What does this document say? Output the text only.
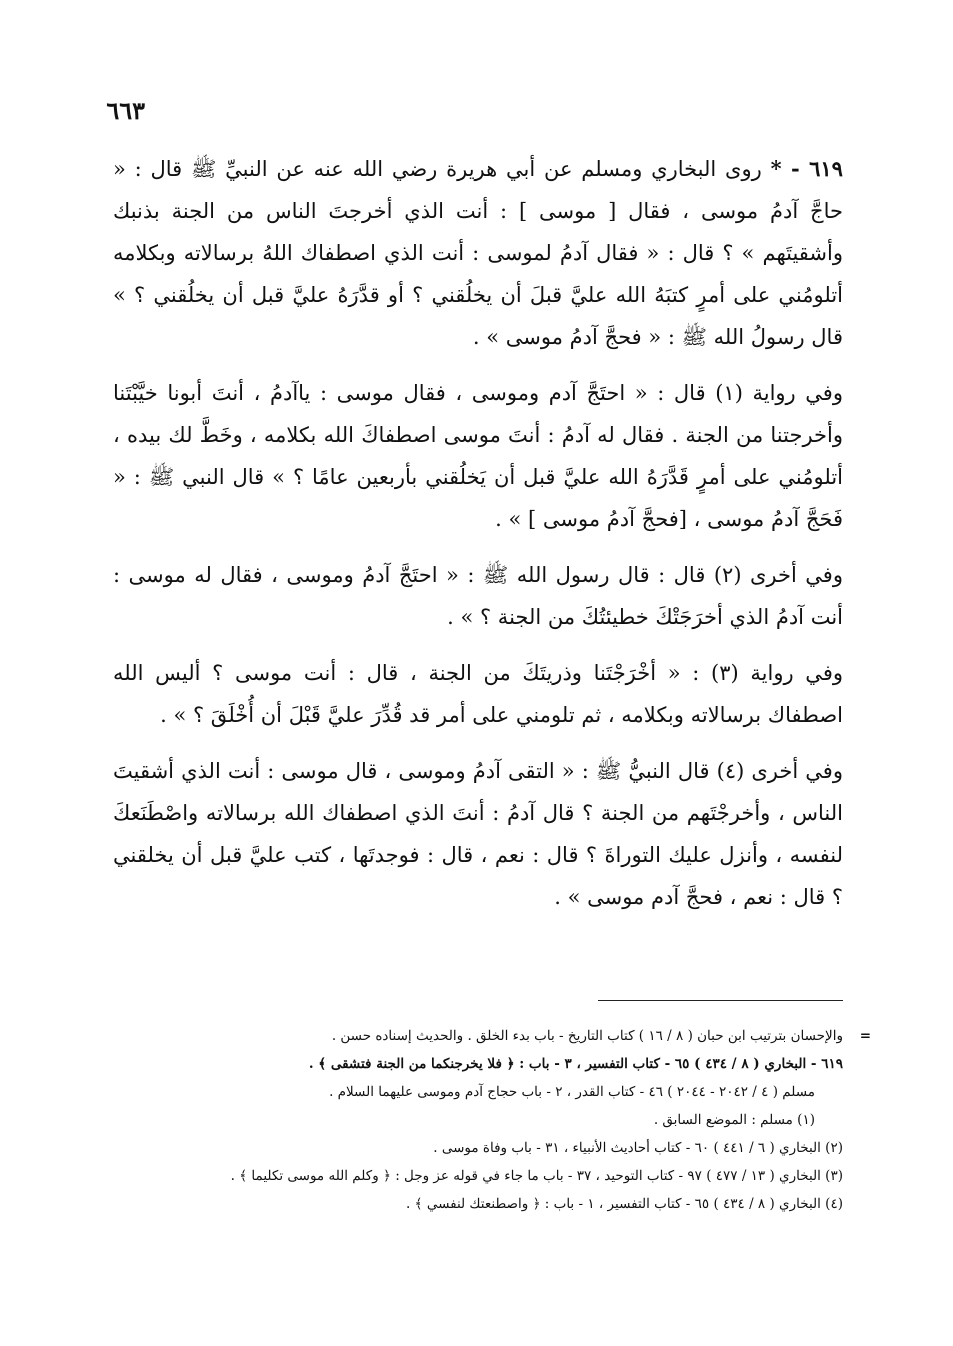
٦٦٣

٦١٩ - * روى البخاري ومسلم عن أبي هريرة رضي الله عنه عن النبيِّ ﷺ قال : « حاجَّ آدمُ موسى ، فقال [ موسى ] : أنت الذي أخرجتَ الناس من الجنة بذنبك وأشقيتَهم » ؟ قال : « فقال آدمُ لموسى : أنت الذي اصطفاك اللهُ برسالاته وبكلامه أتلومُني على أمرٍ كتبَهُ الله عليَّ قبلَ أن يخلُقني ؟ أو قدَّرَهُ عليَّ قبل أن يخلُقني ؟ » قال رسولُ الله ﷺ : « فحجَّ آدمُ موسى » .

وفي رواية (١) قال : « احتَجَّ آدم وموسى ، فقال موسى : ياآدمُ ، أنتَ أبونا خيَّبْتَنا وأخرجتنا من الجنة . فقال له آدمُ : أنتَ موسى اصطفاكَ الله بكلامه ، وخَطَّ لك بيده ، أتلومُني على أمرٍ قَدَّرَهُ الله عليَّ قبل أن يَخلُقني بأربعين عامًا ؟ » قال النبي ﷺ : « فَحَجَّ آدمُ موسى ، [فحجَّ آدمُ موسى ] » .

وفي أخرى (٢) قال : قال رسول الله ﷺ : « احتَجَّ آدمُ وموسى ، فقال له موسى : أنت آدمُ الذي أخرَجَتْكَ خطيئتُكَ من الجنة ؟ » .

وفي رواية (٣) : « أخْرَجْتَنا وذريتَكَ من الجنة ، قال : أنت موسى ؟ أليس الله اصطفاك برسالاته وبكلامه ، ثم تلومني على أمر قد قُدِّرَ عليَّ قَبْلَ أن أُخْلَقَ ؟ » .

وفي أخرى (٤) قال النبيُّ ﷺ : « التقى آدمُ وموسى ، قال موسى : أنت الذي أشقيتَ الناس ، وأخرجْتَهم من الجنة ؟ قال آدمُ : أنتَ الذي اصطفاك الله برسالاته واصْطَنَعكَ لنفسه ، وأنزل عليك التوراةَ ؟ قال : نعم ، قال : فوجدتَها ، كتب عليَّ قبل أن يخلقني ؟ قال : نعم ، فحجَّ آدم موسى » .

=
والإحسان بترتيب ابن حبان ( ٨ / ١٦ ) كتاب التاريخ - باب بدء الخلق . والحديث إسناده حسن .
٦١٩ - البخاري ( ٨ / ٤٣٤ ) ٦٥ - كتاب التفسير ، ٣ - باب : ﴿ فلا يخرجنكما من الجنة فتشقى ﴾ .
مسلم ( ٤ / ٢٠٤٢ - ٢٠٤٤ ) ٤٦ - كتاب القدر ، ٢ - باب حجاج آدم وموسى عليهما السلام .
(١) مسلم : الموضع السابق .
(٢) البخاري ( ٦ / ٤٤١ ) ٦٠ - كتاب أحاديث الأنبياء ، ٣١ - باب وفاة موسى .
(٣) البخاري ( ١٣ / ٤٧٧ ) ٩٧ - كتاب التوحيد ، ٣٧ - باب ما جاء في قوله عز وجل : ﴿ وكلم الله موسى تكليما ﴾ .
(٤) البخاري ( ٨ / ٤٣٤ ) ٦٥ - كتاب التفسير ، ١ - باب : ﴿ واصطنعتك لنفسي ﴾ .
